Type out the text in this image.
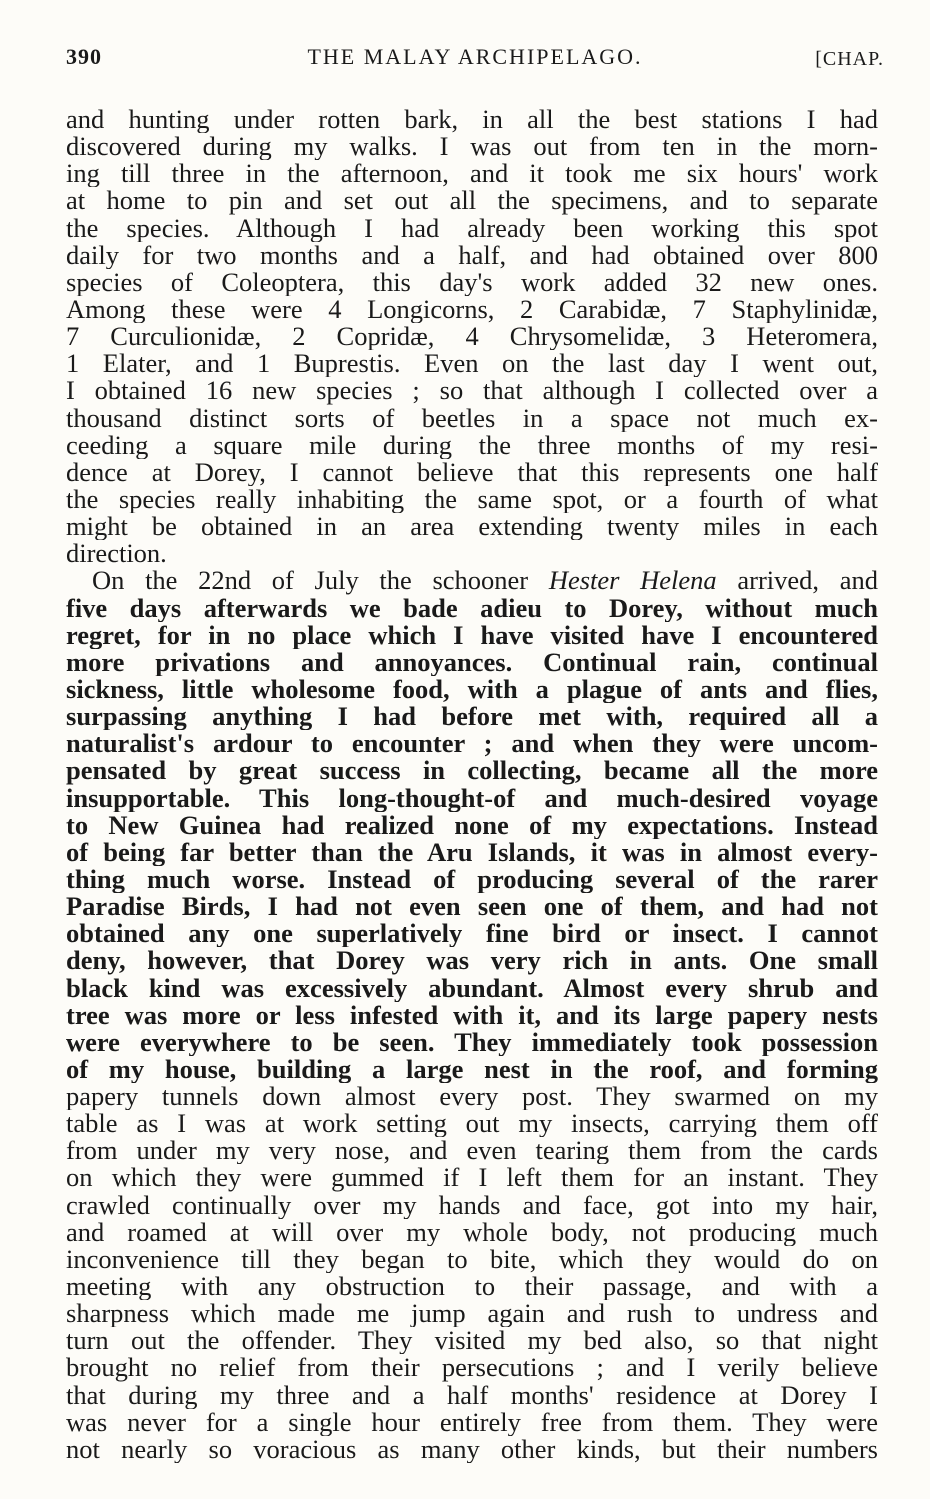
390	THE MALAY ARCHIPELAGO.	[CHAP.
and hunting under rotten bark, in all the best stations I had
discovered during my walks. I was out from ten in the morn-
ing till three in the afternoon, and it took me six hours' work
at home to pin and set out all the specimens, and to separate
the species. Although I had already been working this spot
daily for two months and a half, and had obtained over 800
species of Coleoptera, this day's work added 32 new ones.
Among these were 4 Longicorns, 2 Carabidæ, 7 Staphylinidæ,
7 Curculionidæ, 2 Copridæ, 4 Chrysomelidæ, 3 Heteromera,
1 Elater, and 1 Buprestis. Even on the last day I went out,
I obtained 16 new species ; so that although I collected over a
thousand distinct sorts of beetles in a space not much ex-
ceeding a square mile during the three months of my resi-
dence at Dorey, I cannot believe that this represents one half
the species really inhabiting the same spot, or a fourth of what
might be obtained in an area extending twenty miles in each
direction.
On the 22nd of July the schooner Hester Helena arrived, and
five days afterwards we bade adieu to Dorey, without much
regret, for in no place which I have visited have I encountered
more privations and annoyances. Continual rain, continual
sickness, little wholesome food, with a plague of ants and flies,
surpassing anything I had before met with, required all a
naturalist's ardour to encounter ; and when they were uncom-
pensated by great success in collecting, became all the more
insupportable. This long-thought-of and much-desired voyage
to New Guinea had realized none of my expectations. Instead
of being far better than the Aru Islands, it was in almost every-
thing much worse. Instead of producing several of the rarer
Paradise Birds, I had not even seen one of them, and had not
obtained any one superlatively fine bird or insect. I cannot
deny, however, that Dorey was very rich in ants. One small
black kind was excessively abundant. Almost every shrub and
tree was more or less infested with it, and its large papery nests
were everywhere to be seen. They immediately took possession
of my house, building a large nest in the roof, and forming
papery tunnels down almost every post. They swarmed on my
table as I was at work setting out my insects, carrying them off
from under my very nose, and even tearing them from the cards
on which they were gummed if I left them for an instant. They
crawled continually over my hands and face, got into my hair,
and roamed at will over my whole body, not producing much
inconvenience till they began to bite, which they would do on
meeting with any obstruction to their passage, and with a
sharpness which made me jump again and rush to undress and
turn out the offender. They visited my bed also, so that night
brought no relief from their persecutions ; and I verily believe
that during my three and a half months' residence at Dorey I
was never for a single hour entirely free from them. They were
not nearly so voracious as many other kinds, but their numbers
